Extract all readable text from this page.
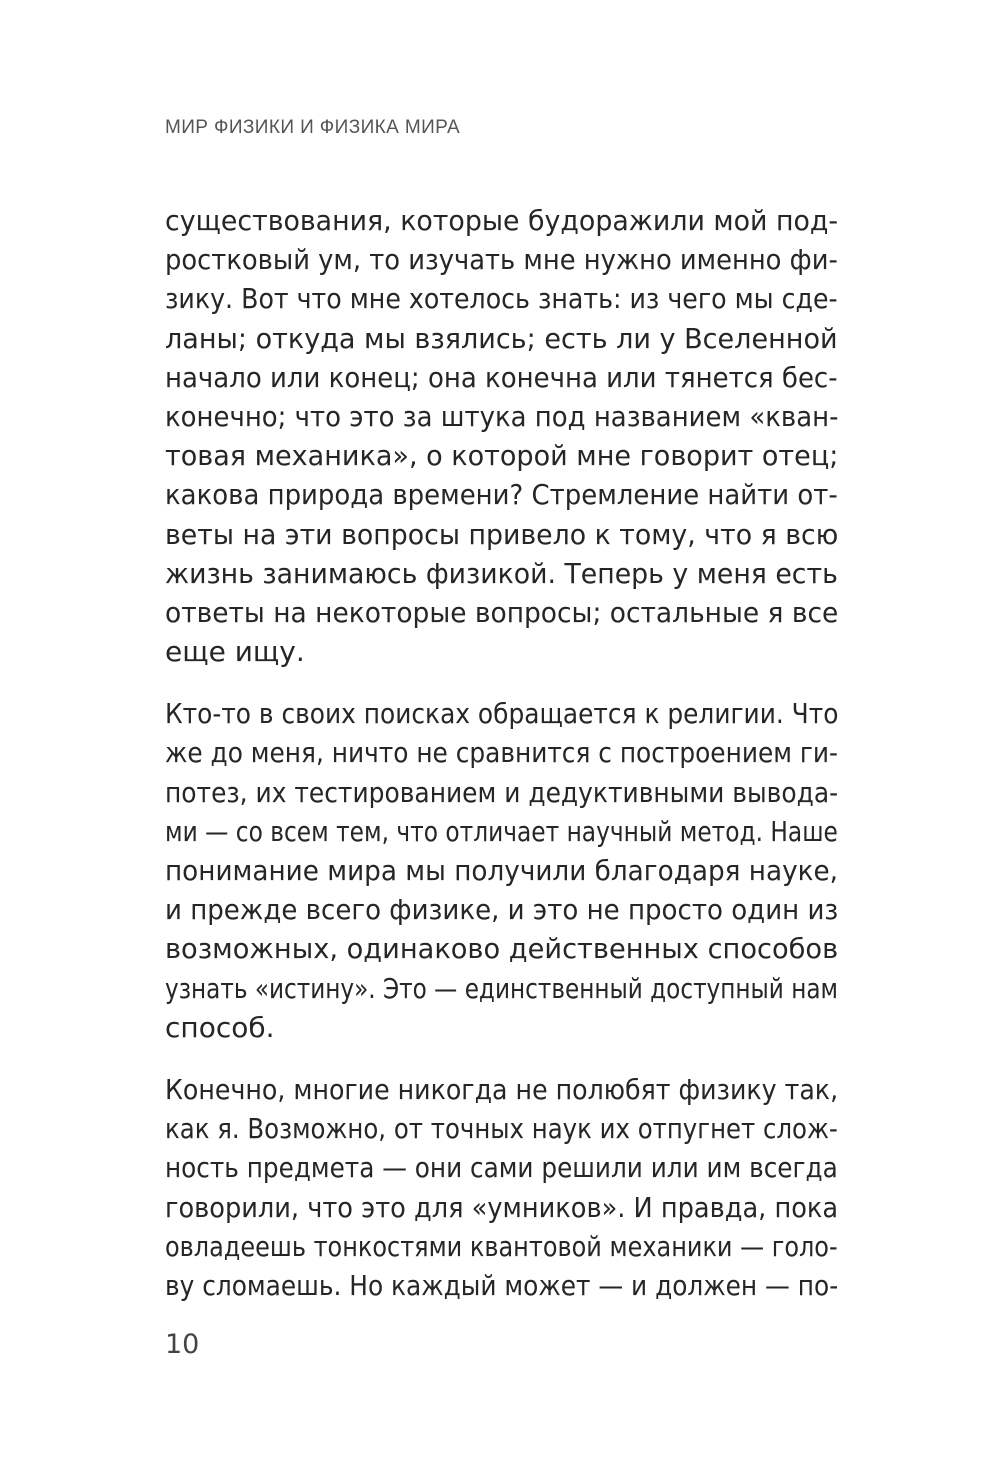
МИР ФИЗИКИ И ФИЗИКА МИРА

существования, которые будоражили мой под-
ростковый ум, то изучать мне нужно именно фи-
зику. Вот что мне хотелось знать: из чего мы сде-
ланы; откуда мы взялись; есть ли у Вселенной
начало или конец; она конечна или тянется бес-
конечно; что это за штука под названием «кван-
товая механика», о которой мне говорит отец;
какова природа времени? Стремление найти от-
веты на эти вопросы привело к тому, что я всю
жизнь занимаюсь физикой. Теперь у меня есть
ответы на некоторые вопросы; остальные я все
еще ищу.

Кто-то в своих поисках обращается к религии. Что
же до меня, ничто не сравнится с построением ги-
потез, их тестированием и дедуктивными вывода-
ми — со всем тем, что отличает научный метод. Наше
понимание мира мы получили благодаря науке,
и прежде всего физике, и это не просто один из
возможных, одинаково действенных способов
узнать «истину». Это — единственный доступный нам
способ.

Конечно, многие никогда не полюбят физику так,
как я. Возможно, от точных наук их отпугнет слож-
ность предмета — они сами решили или им всегда
говорили, что это для «умников». И правда, пока
овладеешь тонкостями квантовой механики — голо-
ву сломаешь. Но каждый может — и должен — по-

10
